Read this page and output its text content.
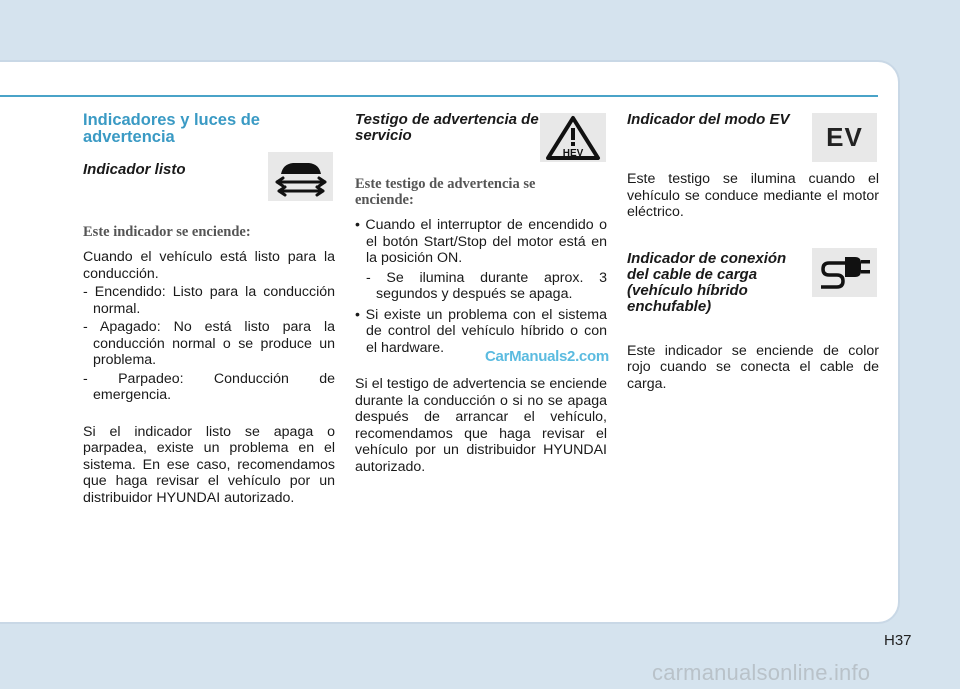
Indicadores y luces de advertencia
Indicador listo
Este indicador se enciende:

Cuando el vehículo está listo para la conducción.

- Encendido: Listo para la conducción normal.

- Apagado: No está listo para la conducción normal o se produce un problema.

- Parpadeo: Conducción de emergencia.

Si el indicador listo se apaga o parpadea, existe un problema en el sistema. En ese caso, recomendamos que haga revisar el vehículo por un distribuidor HYUNDAI autorizado.

Testigo de advertencia de servicio
Este testigo de advertencia se enciende:

• Cuando el interruptor de encendido o el botón Start/Stop del motor está en la posición ON.

- Se ilumina durante aprox. 3 segundos y después se apaga.

• Si existe un problema con el sistema de control del vehículo híbrido o con el hardware.

Si el testigo de advertencia se enciende durante la conducción o si no se apaga después de arrancar el vehículo, recomendamos que haga revisar el vehículo por un distribuidor HYUNDAI autorizado.

HEV
Indicador del modo EV

Este testigo se ilumina cuando el vehículo se conduce mediante el motor eléctrico.

Indicador de conexión del cable de carga (vehículo híbrido enchufable)

Este indicador se enciende de color rojo cuando se conecta el cable de carga.

EV
CarManuals2.com
H37
carmanualsonline.info
